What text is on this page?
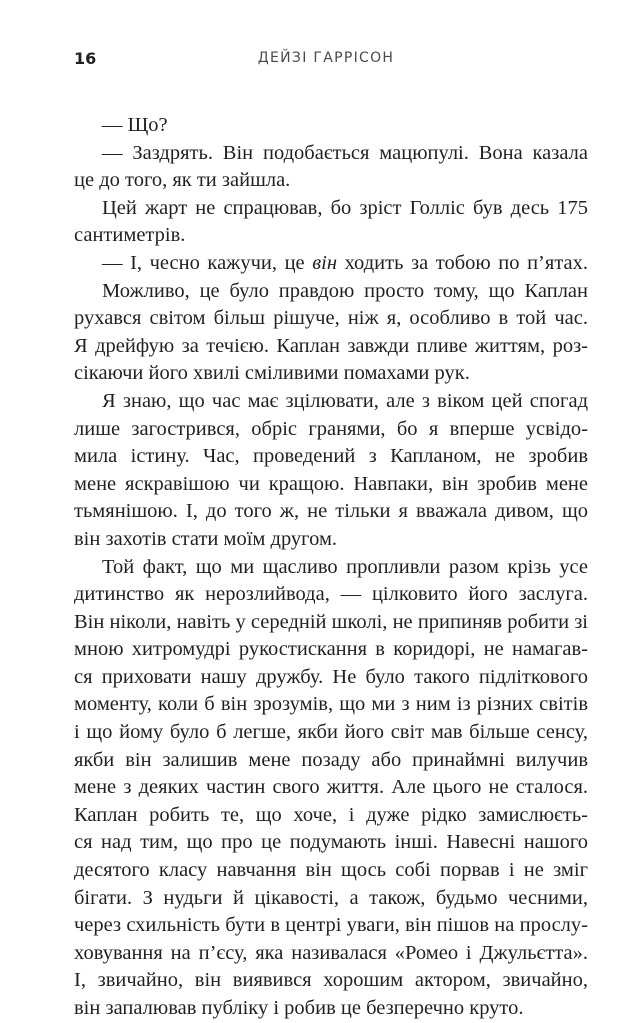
16	ДЕЙЗІ ГАРРІСОН
— Що?
— Заздрять. Він подобається мацюпулі. Вона казала
це до того, як ти зайшла.
Цей жарт не спрацював, бо зріст Голліс був десь 175
сантиметрів.
— І, чесно кажучи, це він ходить за тобою по п’ятах.
Можливо, це було правдою просто тому, що Каплан
рухався світом більш рішуче, ніж я, особливо в той час.
Я дрейфую за течією. Каплан завжди пливе життям, роз-
сікаючи його хвилі сміливими помахами рук.
Я знаю, що час має зцілювати, але з віком цей спогад
лише загострився, обріс гранями, бо я вперше усвідо-
мила істину. Час, проведений з Капланом, не зробив
мене яскравішою чи кращою. Навпаки, він зробив мене
тьмянішою. І, до того ж, не тільки я вважала дивом, що
він захотів стати моїм другом.
Той факт, що ми щасливо пропливли разом крізь усе
дитинство як нерозлийвода, — цілковито його заслуга.
Він ніколи, навіть у середній школі, не припиняв робити зі
мною хитромудрі рукостискання в коридорі, не намагав-
ся приховати нашу дружбу. Не було такого підліткового
моменту, коли б він зрозумів, що ми з ним із різних світів
і що йому було б легше, якби його світ мав більше сенсу,
якби він залишив мене позаду або принаймні вилучив
мене з деяких частин свого життя. Але цього не сталося.
Каплан робить те, що хоче, і дуже рідко замислюєть-
ся над тим, що про це подумають інші. Навесні нашого
десятого класу навчання він щось собі порвав і не зміг
бігати. З нудьги й цікавості, а також, будьмо чесними,
через схильність бути в центрі уваги, він пішов на прослу-
ховування на п’єсу, яка називалася «Ромео і Джульєтта».
І, звичайно, він виявився хорошим актором, звичайно,
він запалював публіку і робив це безперечно круто.
